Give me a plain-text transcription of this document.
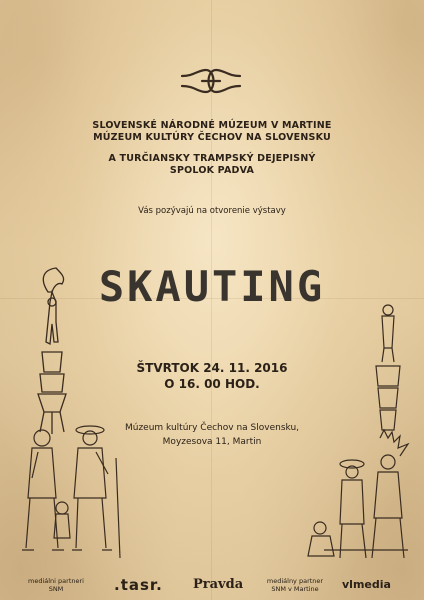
SLOVENSKÉ NÁRODNÉ MÚZEUM V MARTINE
MÚZEUM KULTÚRY ČECHOV NA SLOVENSKU
A TURČIANSKY TRAMPSKÝ DEJEPISNÝ
SPOLOK PADVA
Vás pozývajú na otvorenie výstavy
SKAUTING
ŠTVRTOK 24. 11. 2016
O 16. 00 HOD.
Múzeum kultúry Čechov na Slovensku,
Moyzesova 11, Martin
mediálni partneri
SNM	.tasr. Pravda	mediálny partner
SNM v Martine	vlmedia
